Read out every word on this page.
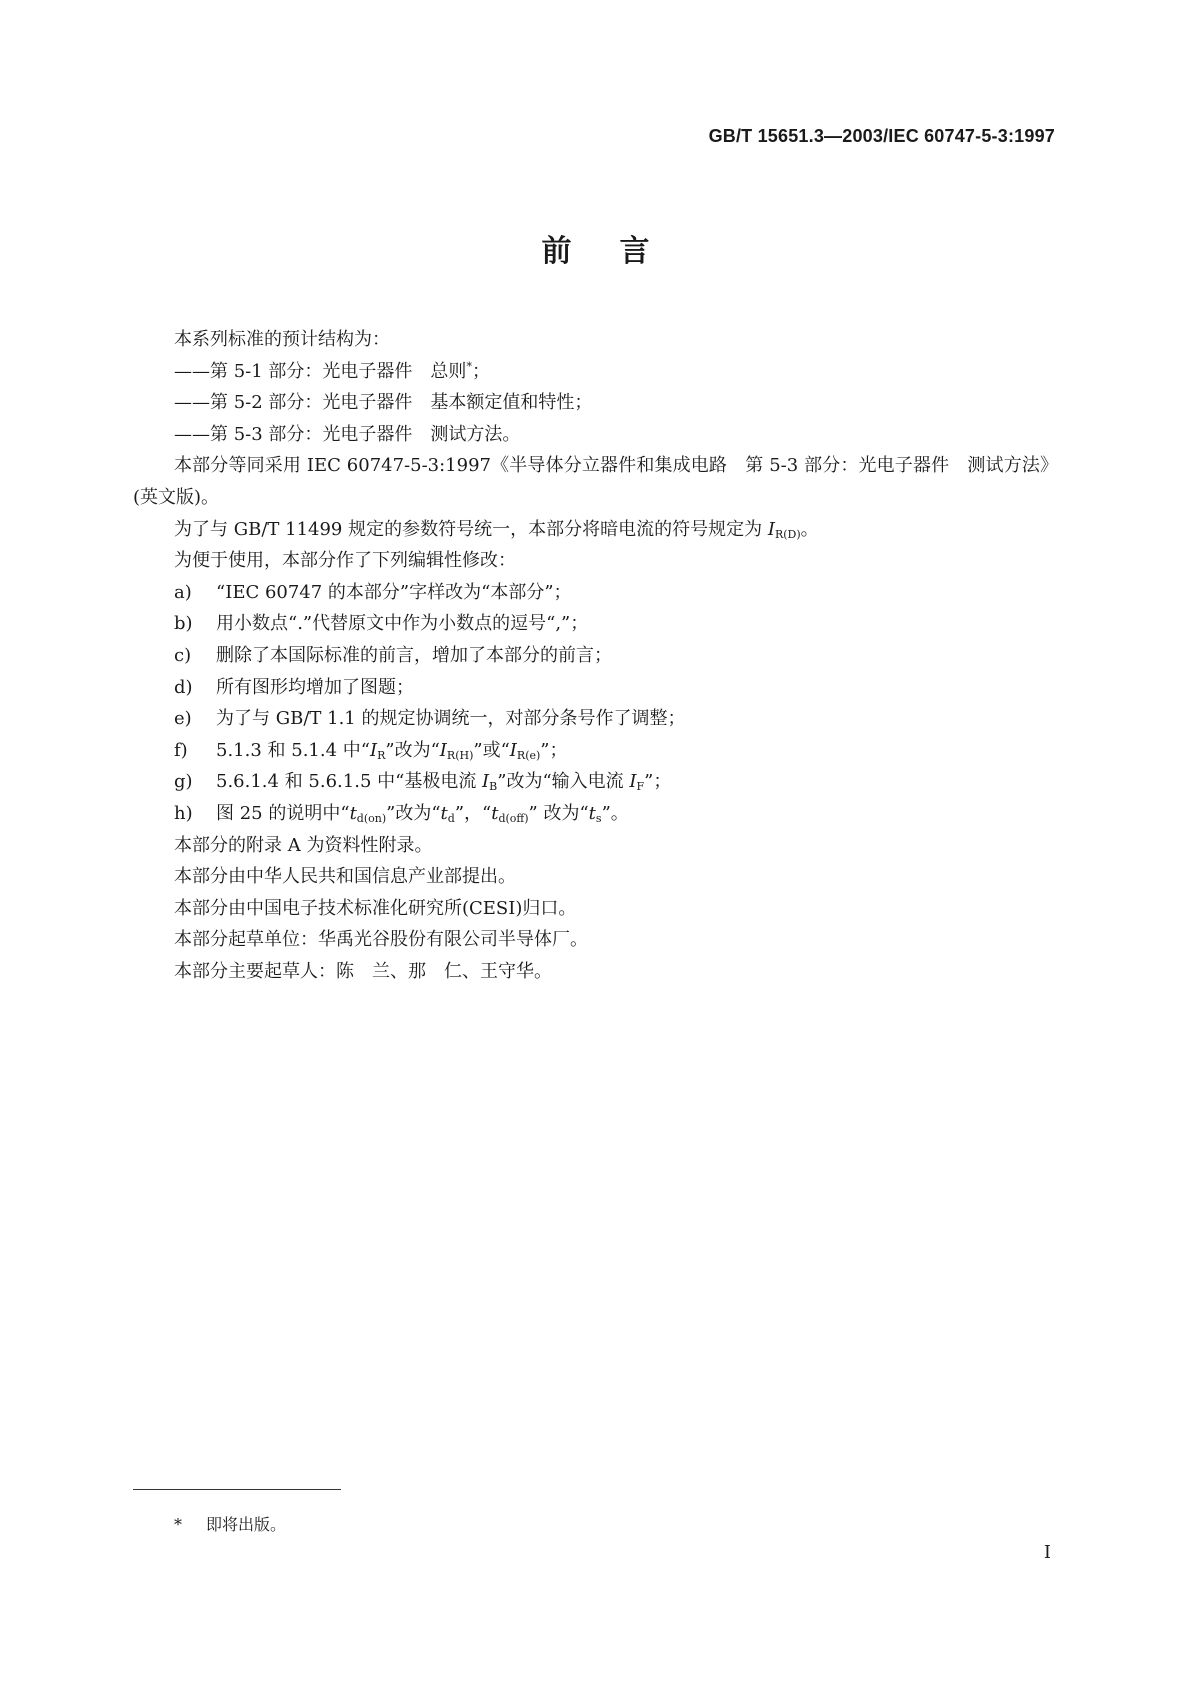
GB/T 15651.3—2003/IEC 60747-5-3:1997
前言

本系列标准的预计结构为：

——第 5-1 部分：光电子器件　总则*；

——第 5-2 部分：光电子器件　基本额定值和特性；

——第 5-3 部分：光电子器件　测试方法。

本部分等同采用 IEC 60747-5-3:1997《半导体分立器件和集成电路　第 5-3 部分：光电子器件　测试方法》(英文版)。

为了与 GB/T 11499 规定的参数符号统一，本部分将暗电流的符号规定为 $I_{R(D)}$。

为便于使用，本部分作了下列编辑性修改：

a) “IEC 60747 的本部分”字样改为“本部分”；

b) 用小数点“.”代替原文中作为小数点的逗号“,”；

c) 删除了本国际标准的前言，增加了本部分的前言；

d) 所有图形均增加了图题；

e) 为了与 GB/T 1.1 的规定协调统一，对部分条号作了调整；

f) 5.1.3 和 5.1.4 中“$I_R$”改为“$I_{R(H)}$”或“$I_{R(e)}$”；

g) 5.6.1.4 和 5.6.1.5 中“基极电流 $I_B$”改为“输入电流 $I_F$”；

h) 图 25 的说明中“$t_{d(on)}$”改为“$t_d$”，“$t_{d(off)}$” 改为“$t_s$”。

本部分的附录 A 为资料性附录。

本部分由中华人民共和国信息产业部提出。

本部分由中国电子技术标准化研究所(CESI)归口。

本部分起草单位：华禹光谷股份有限公司半导体厂。

本部分主要起草人：陈　兰、那　仁、王守华。

* 即将出版。
I
